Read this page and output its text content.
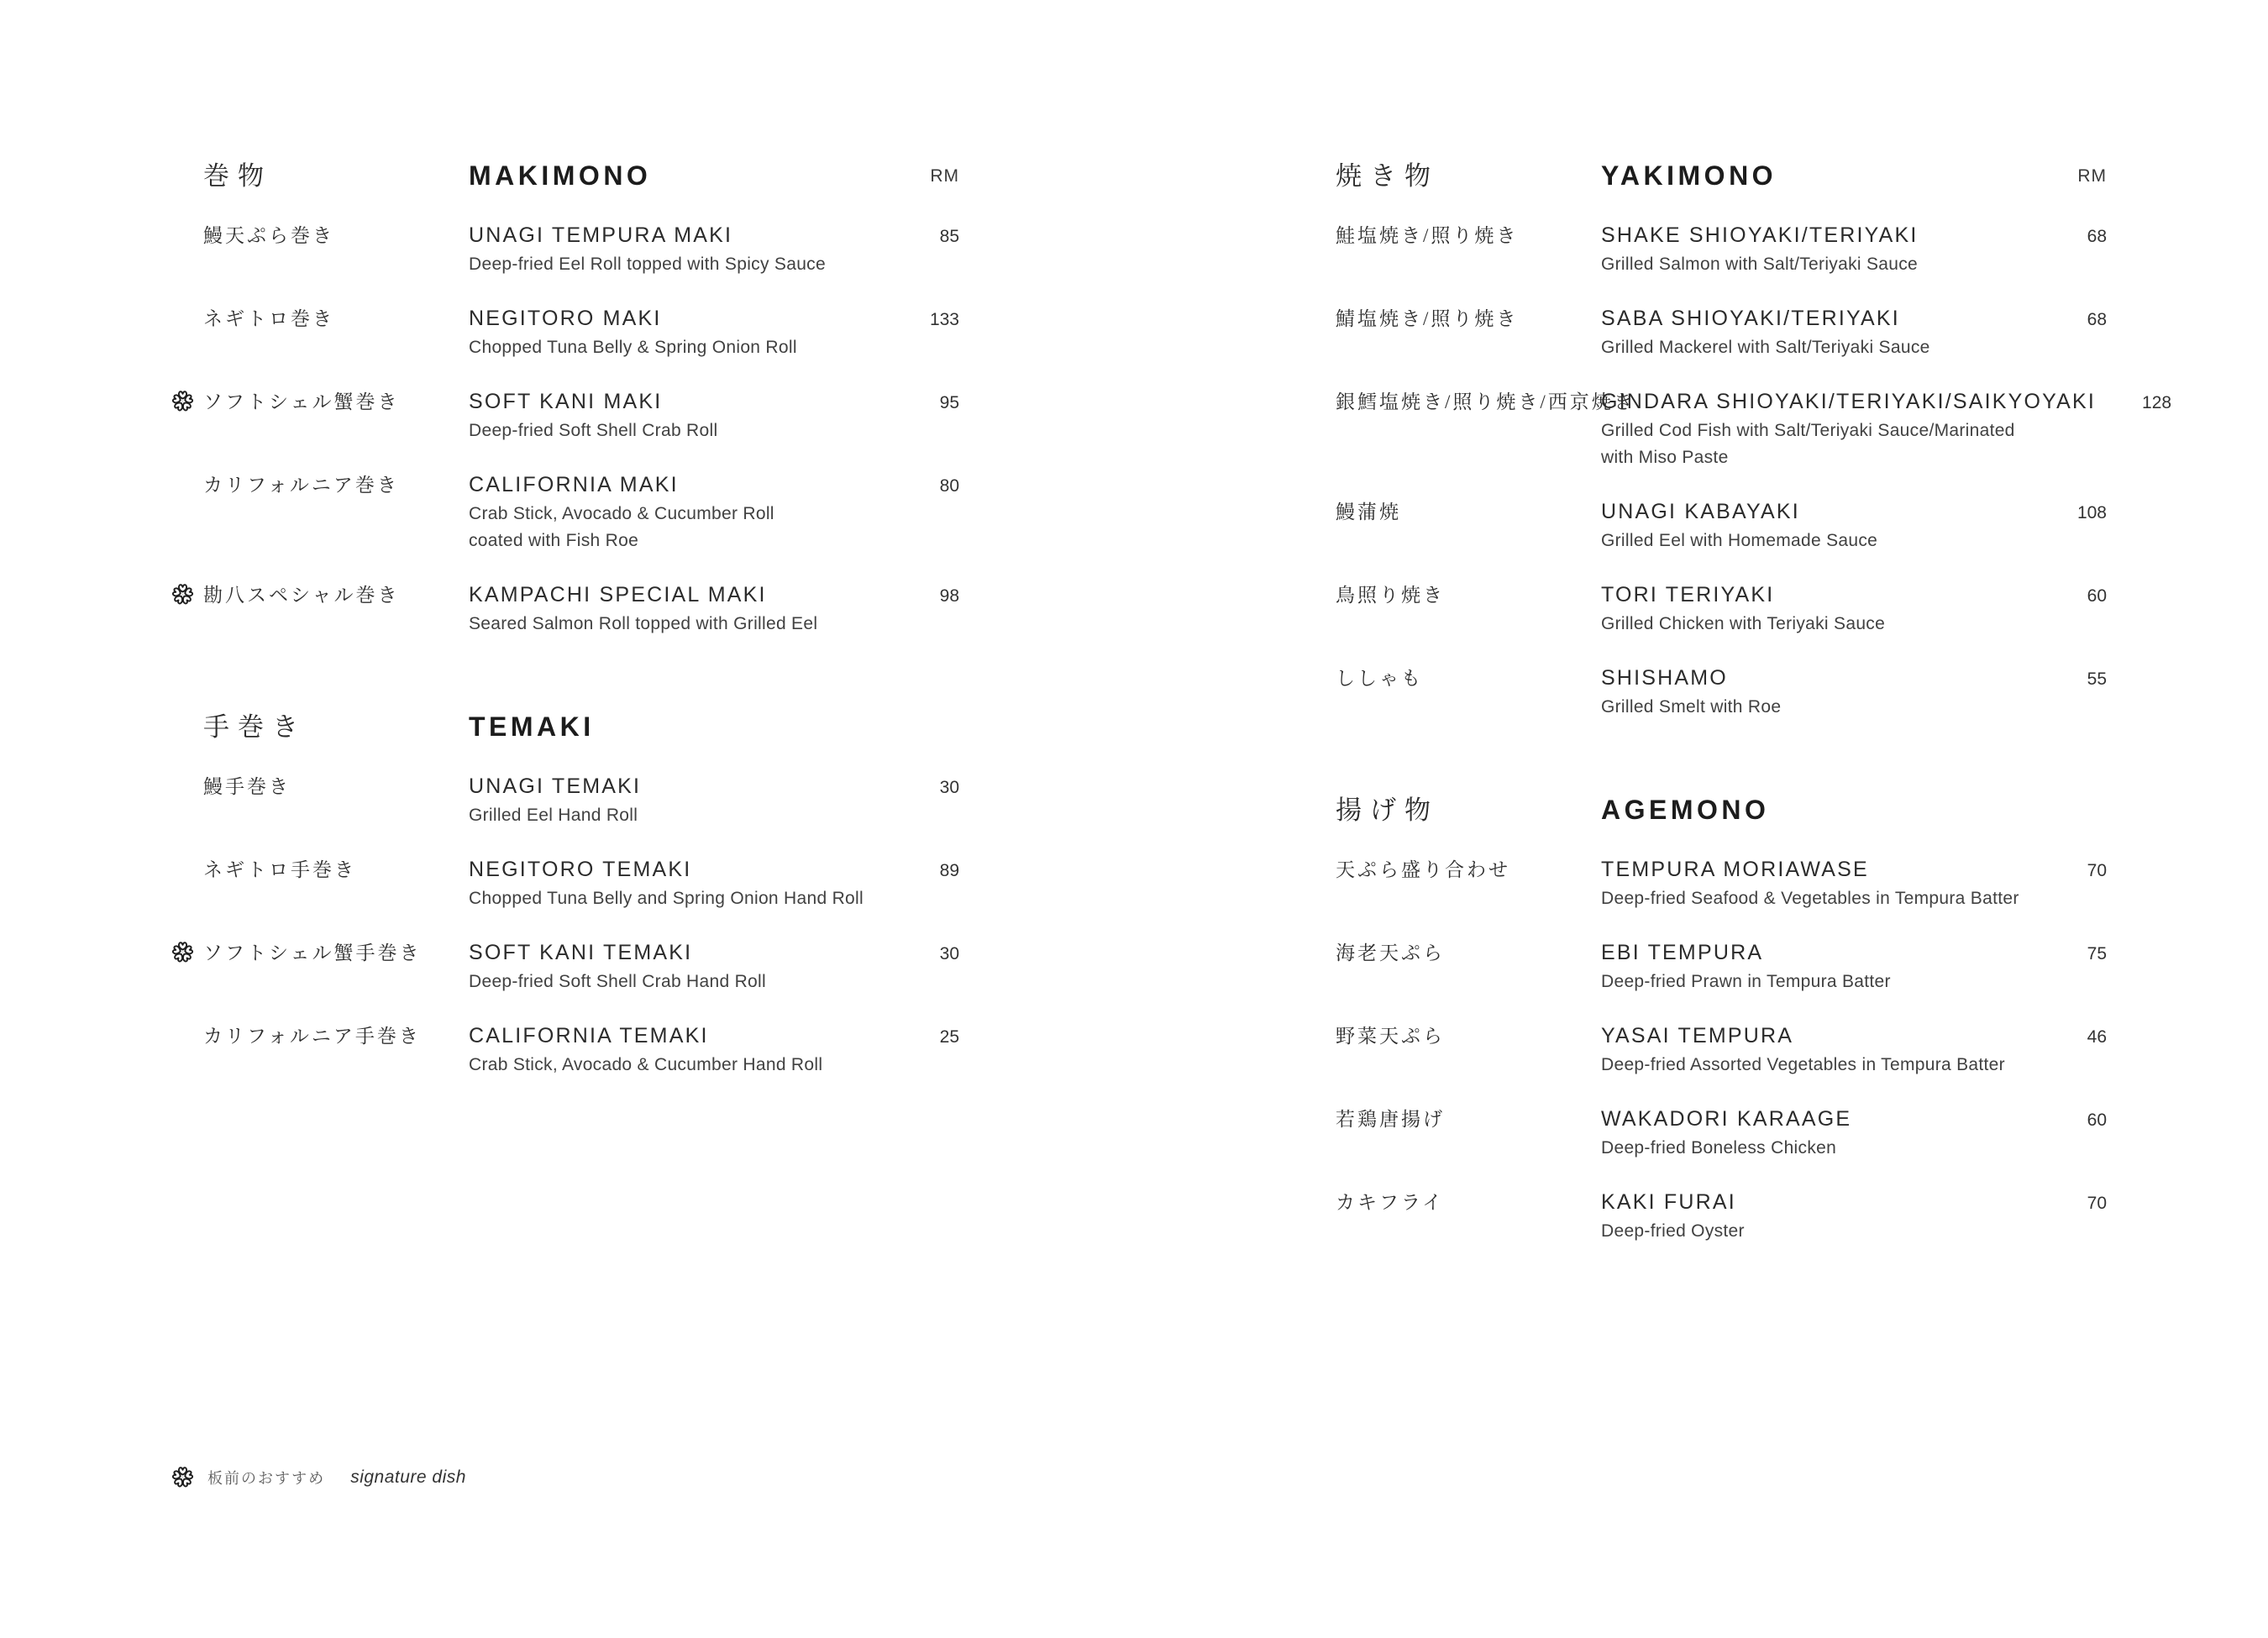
巻物	MAKIMONO	RM
鰻天ぷら巻き	UNAGI TEMPURA MAKI
Deep-fried Eel Roll topped with Spicy Sauce
85
ネギトロ巻き	NEGITORO MAKI
Chopped Tuna Belly & Spring Onion Roll
133
ソフトシェル蟹巻き	SOFT KANI MAKI
Deep-fried Soft Shell Crab Roll
95
カリフォルニア巻き	CALIFORNIA MAKI
Crab Stick, Avocado & Cucumber Roll
coated with Fish Roe
80
勘八スペシャル巻き	KAMPACHI SPECIAL MAKI
Seared Salmon Roll topped with Grilled Eel
98
手巻き	TEMAKI
鰻手巻き	UNAGI TEMAKI
Grilled Eel Hand Roll
30
ネギトロ手巻き	NEGITORO TEMAKI
Chopped Tuna Belly and Spring Onion Hand Roll
89
ソフトシェル蟹手巻き	SOFT KANI TEMAKI
Deep-fried Soft Shell Crab Hand Roll
30
カリフォルニア手巻き	CALIFORNIA TEMAKI
Crab Stick, Avocado & Cucumber Hand Roll
25
焼き物	YAKIMONO	RM
鮭塩焼き/照り焼き	SHAKE SHIOYAKI/TERIYAKI
Grilled Salmon with Salt/Teriyaki Sauce
68
鯖塩焼き/照り焼き	SABA SHIOYAKI/TERIYAKI
Grilled Mackerel with Salt/Teriyaki Sauce
68
銀鱈塩焼き/照り焼き/西京焼き
GINDARA SHIOYAKI/TERIYAKI/SAIKYOYAKI
Grilled Cod Fish with Salt/Teriyaki Sauce/Marinated
with Miso Paste
128
鰻蒲焼	UNAGI KABAYAKI
Grilled Eel with Homemade Sauce
108
鳥照り焼き	TORI TERIYAKI
Grilled Chicken with Teriyaki Sauce
60
ししゃも	SHISHAMO
Grilled Smelt with Roe
55
揚げ物	AGEMONO
天ぷら盛り合わせ	TEMPURA MORIAWASE
Deep-fried Seafood & Vegetables in Tempura Batter
70
海老天ぷら	EBI TEMPURA
Deep-fried Prawn in Tempura Batter
75
野菜天ぷら	YASAI TEMPURA
Deep-fried Assorted Vegetables in Tempura Batter
46
若鶏唐揚げ	WAKADORI KARAAGE
Deep-fried Boneless Chicken
60
カキフライ	KAKI FURAI
Deep-fried Oyster
70
板前のおすすめ signature dish
